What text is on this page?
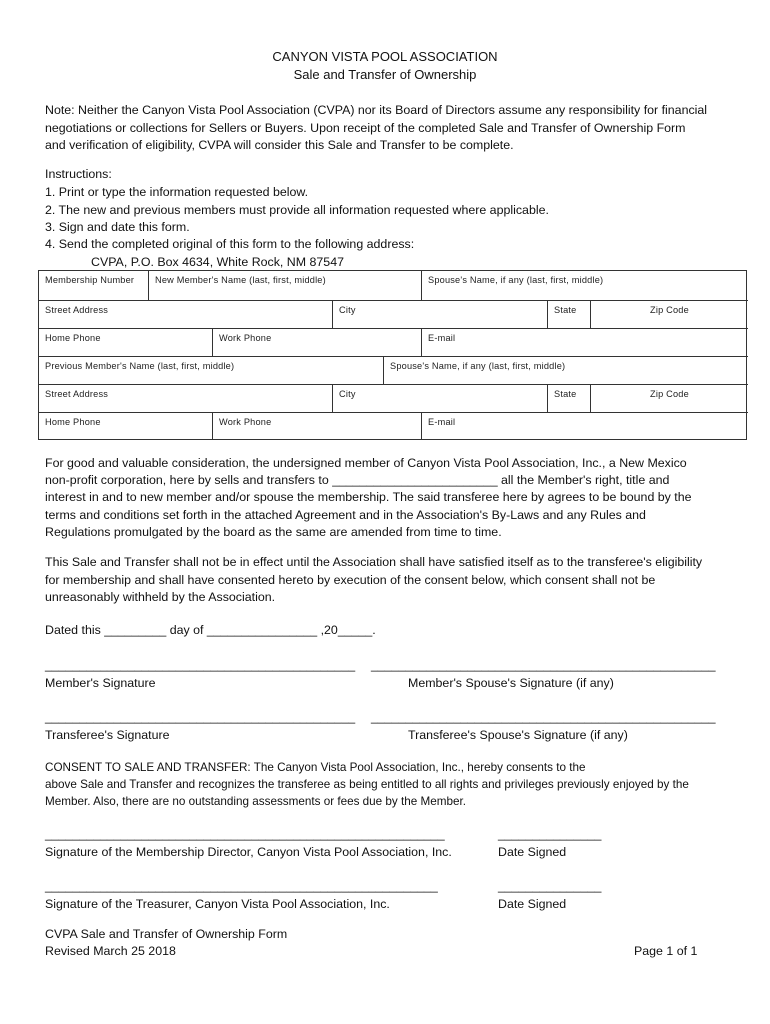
CANYON VISTA POOL ASSOCIATION
Sale and Transfer of Ownership
Note: Neither the Canyon Vista Pool Association (CVPA) nor its Board of Directors assume any responsibility for financial
negotiations or collections for Sellers or Buyers. Upon receipt of the completed Sale and Transfer of Ownership Form
and verification of eligibility, CVPA will consider this Sale and Transfer to be complete.
Instructions:
1. Print or type the information requested below.
2. The new and previous members must provide all information requested where applicable.
3. Sign and date this form.
4. Send the completed original of this form to the following address:
CVPA, P.O. Box 4634, White Rock, NM 87547
Membership Number	New Member's Name (last, first, middle)	Spouse's Name, if any (last, first, middle)
Street Address	City	State	Zip Code
Home Phone	Work Phone	E-mail
Previous Member's Name (last, first, middle)	Spouse's Name, if any (last, first, middle)
Street Address	City	State	Zip Code
Home Phone	Work Phone	E-mail
For good and valuable consideration, the undersigned member of Canyon Vista Pool Association, Inc., a New Mexico
non-profit corporation, here by sells and transfers to ________________________ all the Member's right, title and
interest in and to new member and/or spouse the membership. The said transferee here by agrees to be bound by the
terms and conditions set forth in the attached Agreement and in the Association's By-Laws and any Rules and
Regulations promulgated by the board as the same are amended from time to time.
This Sale and Transfer shall not be in effect until the Association shall have satisfied itself as to the transferee's eligibility
for membership and shall have consented hereto by execution of the consent below, which consent shall not be
unreasonably withheld by the Association.
Dated this _________ day of ________________ ,20_____.
_____________________________________________ __________________________________________________
Member's Signature	Member's Spouse's Signature (if any)
_____________________________________________ __________________________________________________
Transferee's Signature	Transferee's Spouse's Signature (if any)
CONSENT TO SALE AND TRANSFER: The Canyon Vista Pool Association, Inc., hereby consents to the
above Sale and Transfer and recognizes the transferee as being entitled to all rights and privileges previously enjoyed by the
Member. Also, there are no outstanding assessments or fees due by the Member.
__________________________________________________________	_______________
Signature of the Membership Director, Canyon Vista Pool Association, Inc.	Date Signed
_________________________________________________________	_______________
Signature of the Treasurer, Canyon Vista Pool Association, Inc.	Date Signed
CVPA Sale and Transfer of Ownership Form
Revised March 25 2018	Page 1 of 1
